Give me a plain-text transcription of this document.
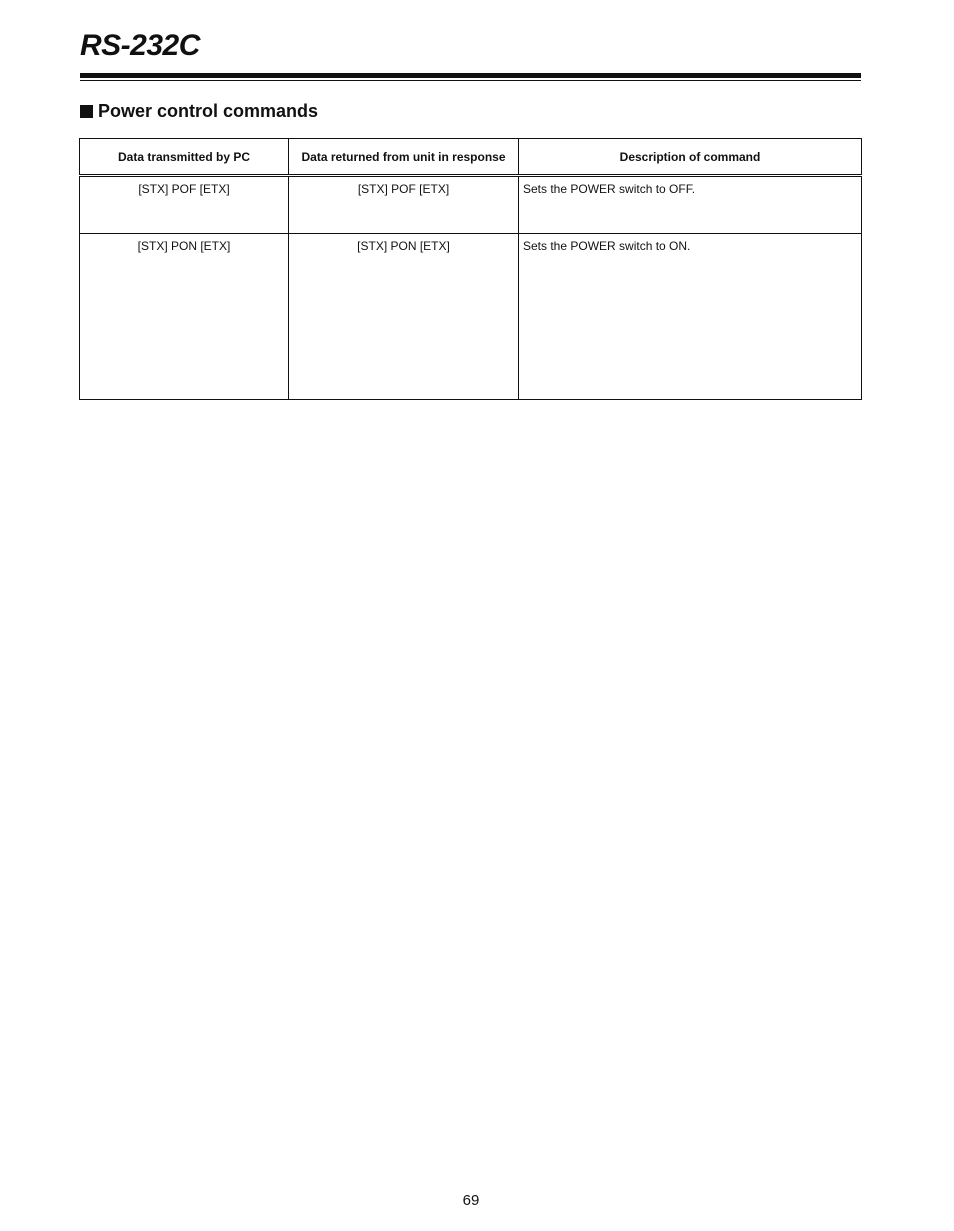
RS-232C
Power control commands
Data transmitted by PC	Data returned from unit in response	Description of command
[STX] POF [ETX]	[STX] POF [ETX]	Sets the POWER switch to OFF.
[STX] PON [ETX]	[STX] PON [ETX]	Sets the POWER switch to ON.
69
